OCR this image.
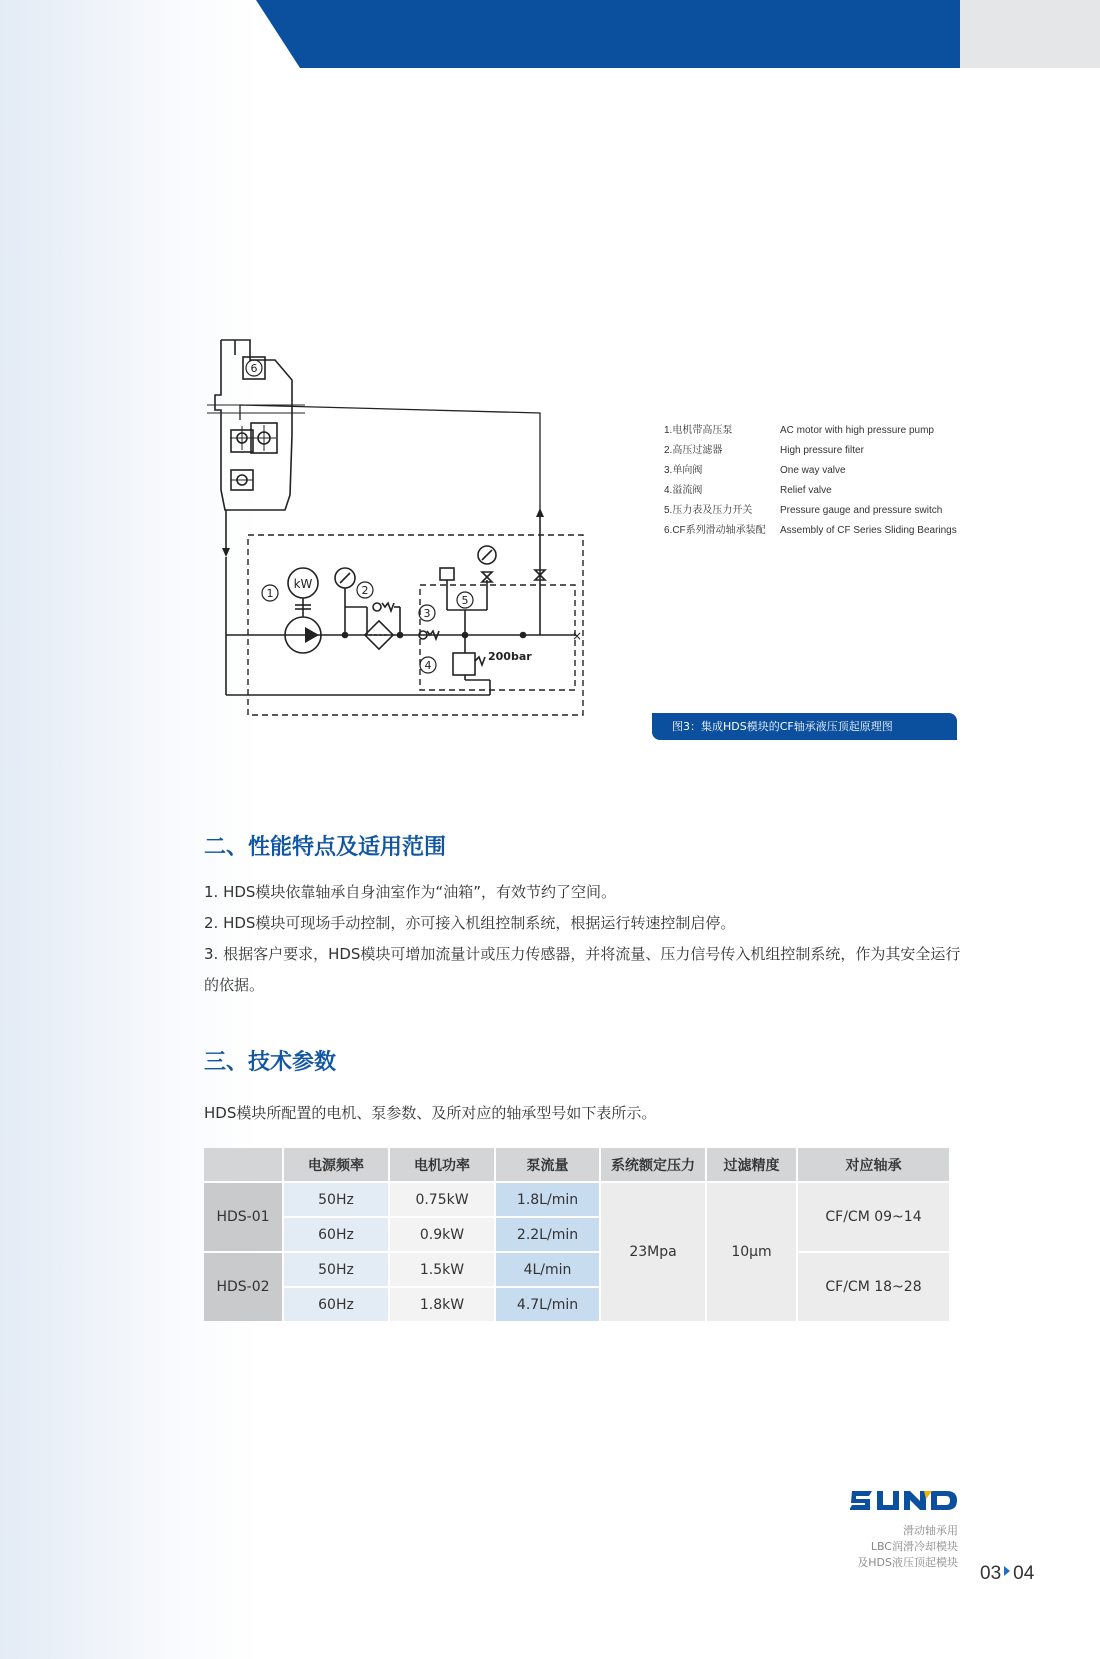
6
×
kW
1	2
3
200bar
4
5
1.电机带高压泵	AC motor with high pressure pump
2.高压过滤器	High pressure filter
3.单向阀	One way valve
4.溢流阀	Relief valve
5.压力表及压力开关	Pressure gauge and pressure switch
6.CF系列滑动轴承装配 Assembly of CF Series Sliding Bearings
图3：集成HDS模块的CF轴承液压顶起原理图
二、性能特点及适用范围
1. HDS模块依靠轴承自身油室作为“油箱”，有效节约了空间。
2. HDS模块可现场手动控制，亦可接入机组控制系统，根据运行转速控制启停。
3. 根据客户要求，HDS模块可增加流量计或压力传感器，并将流量、压力信号传入机组控制系统，作为其安全运行的依据。
三、技术参数
HDS模块所配置的电机、泵参数、及所对应的轴承型号如下表所示。
	电源频率	电机功率	泵流量	系统额定压力	过滤精度	对应轴承
HDS-01	50Hz	0.75kW	1.8L/min	23Mpa	10μm	CF/CM 09~14
	60Hz	0.9kW	2.2L/min			
HDS-02	50Hz	1.5kW	4L/min			CF/CM 18~28
	60Hz	1.8kW	4.7L/min			
滑动轴承用
LBC润滑冷却模块
及HDS液压顶起模块
03 04
